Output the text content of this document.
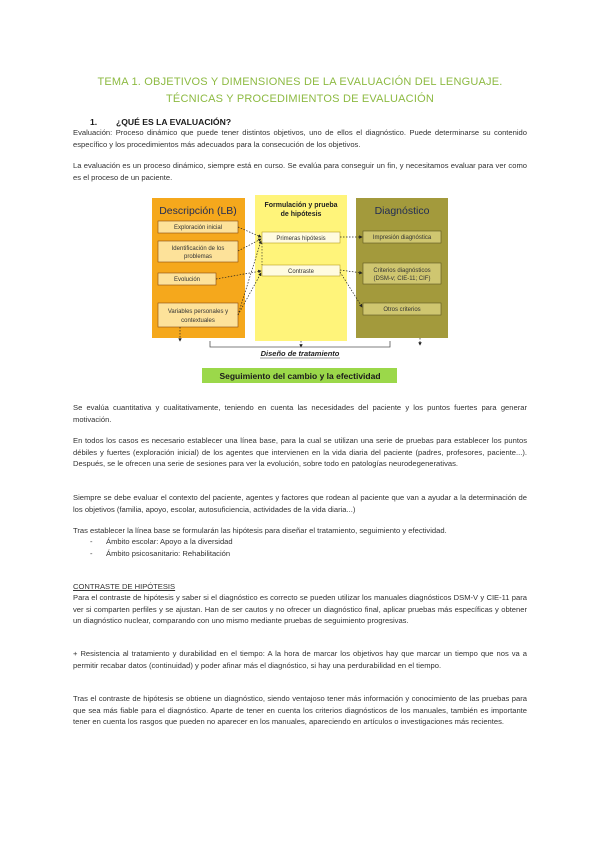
TEMA 1. OBJETIVOS Y DIMENSIONES DE LA EVALUACIÓN DEL LENGUAJE.
TÉCNICAS Y PROCEDIMIENTOS DE EVALUACIÓN
1. ¿QUÉ ES LA EVALUACIÓN?
Evaluación: Proceso dinámico que puede tener distintos objetivos, uno de ellos el diagnóstico. Puede determinarse su contenido específico y los procedimientos más adecuados para la consecución de los objetivos.
La evaluación es un proceso dinámico, siempre está en curso. Se evalúa para conseguir un fin, y necesitamos evaluar para ver como es el proceso de un paciente.
Descripción (LB)	Formulación y prueba
de hipótesis	Diagnóstico
Exploración inicial
Identificación de los
problemas
Evolución
Variables personales y
contextuales
Primeras hipótesis
Contraste
Impresión diagnóstica
Criterios diagnósticos
(DSM-v; CIE-11; CIF)
Otros criterios
Diseño de tratamiento
Seguimiento del cambio y la efectividad
Se evalúa cuantitativa y cualitativamente, teniendo en cuenta las necesidades del paciente y los puntos fuertes para generar motivación.
En todos los casos es necesario establecer una línea base, para la cual se utilizan una serie de pruebas para establecer los puntos débiles y fuertes (exploración inicial) de los agentes que intervienen en la vida diaria del paciente (padres, profesores, paciente...). Después, se le ofrecen una serie de sesiones para ver la evolución, sobre todo en patologías neurodegenerativas.
Siempre se debe evaluar el contexto del paciente, agentes y factores que rodean al paciente que van a ayudar a la determinación de los objetivos (familia, apoyo, escolar, autosuficiencia, actividades de la vida diaria...)
Tras establecer la línea base se formularán las hipótesis para diseñar el tratamiento, seguimiento y efectividad.
- Ámbito escolar: Apoyo a la diversidad
- Ámbito psicosanitario: Rehabilitación
CONTRASTE DE HIPÓTESIS
Para el contraste de hipótesis y saber si el diagnóstico es correcto se pueden utilizar los manuales diagnósticos DSM-V y CIE-11 para ver si comparten perfiles y se ajustan. Han de ser cautos y no ofrecer un diagnóstico final, aplicar pruebas más específicas y obtener un diagnóstico nuclear, comparando con uno mismo mediante pruebas de seguimiento progresivas.
+ Resistencia al tratamiento y durabilidad en el tiempo: A la hora de marcar los objetivos hay que marcar un tiempo que nos va a permitir recabar datos (continuidad) y poder afinar más el diagnóstico, si hay una perdurabilidad en el tiempo.
Tras el contraste de hipótesis se obtiene un diagnóstico, siendo ventajoso tener más información y conocimiento de las pruebas para que sea más fiable para el diagnóstico. Aparte de tener en cuenta los criterios diagnósticos de los manuales, también es importante tener en cuenta los rasgos que pueden no aparecer en los manuales, apareciendo en artículos o investigaciones más recientes.
